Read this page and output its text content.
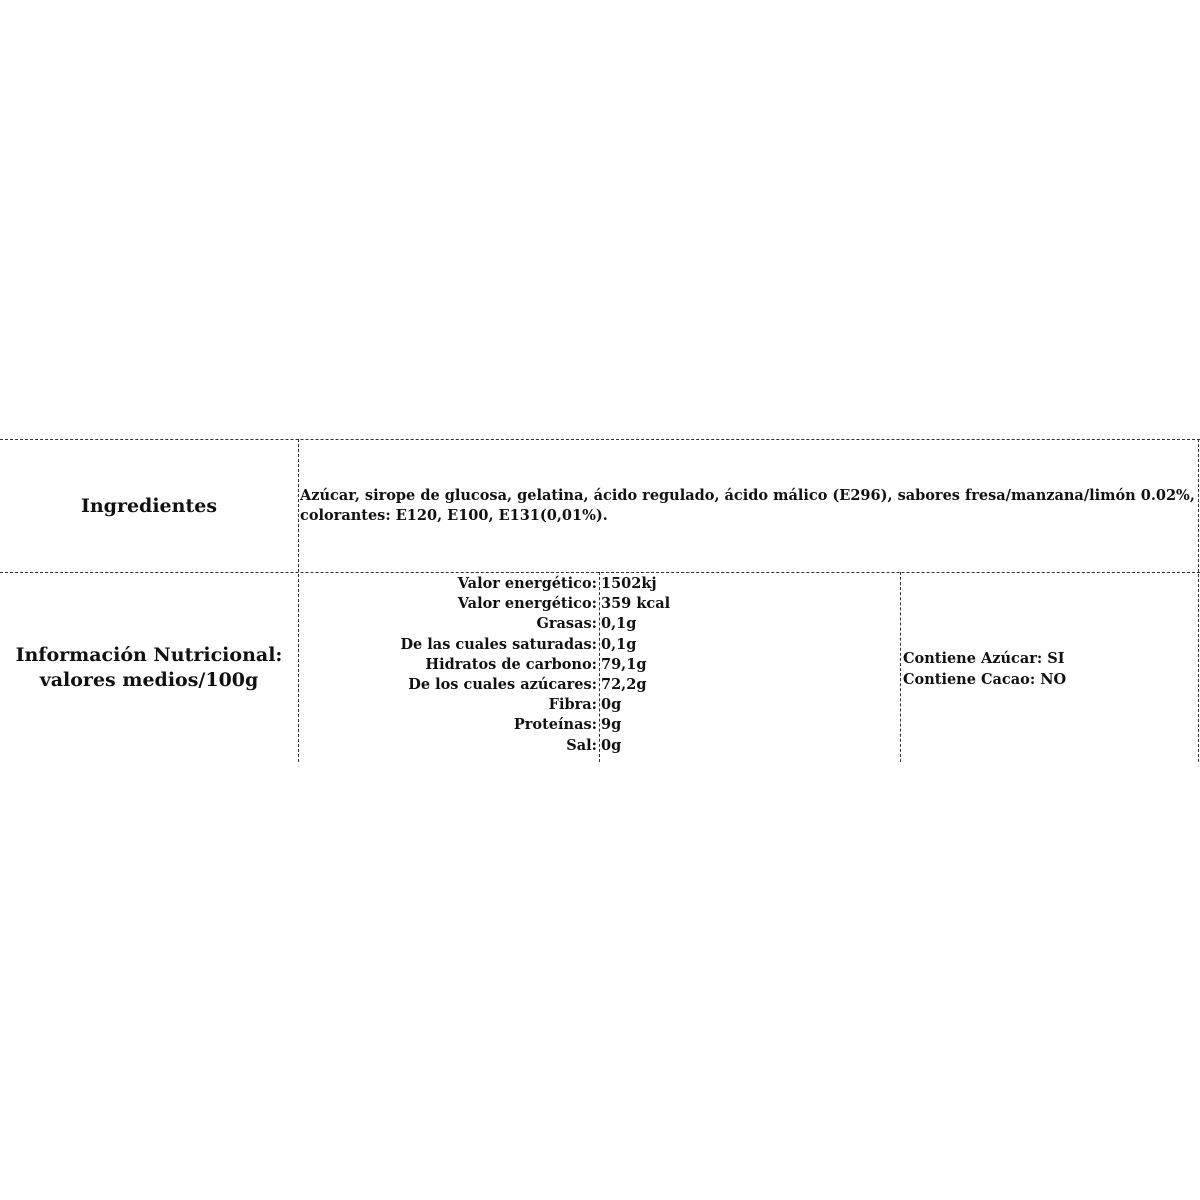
Ingredientes	Azúcar, sirope de glucosa, gelatina, ácido regulado, ácido málico (E296), sabores fresa/manzana/limón 0.02%,
colorantes: E120, E100, E131(0,01%).
Información Nutricional:
valores medios/100g
Valor energético:	1502kj
Valor energético:	359 kcal
Grasas:	0,1g
De las cuales saturadas:	0,1g
Hidratos de carbono:	79,1g
De los cuales azúcares:	72,2g
Fibra:	0g
Proteínas:	9g
Sal:	0g
Contiene Azúcar: SI
Contiene Cacao: NO
